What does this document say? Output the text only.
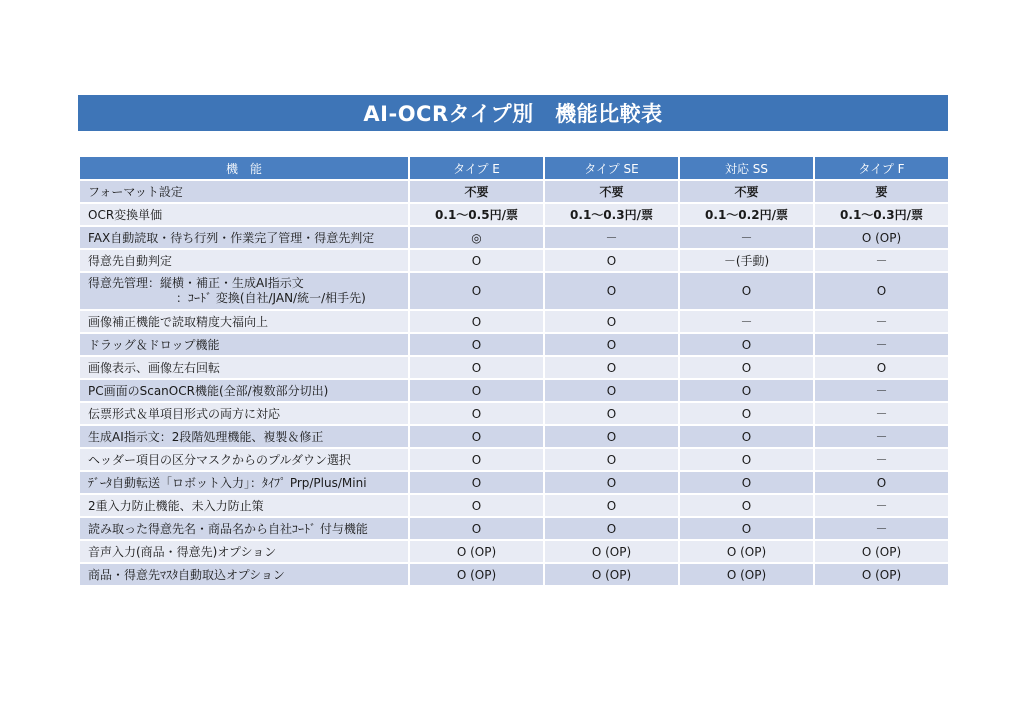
AI-OCRタイプ別　機能比較表
機　能	タイプ E	タイプ SE	対応 SS	タイプ F
フォーマット設定	不要	不要	不要	要
OCR変換単価	0.1～0.5円/票	0.1～0.3円/票	0.1～0.2円/票	0.1～0.3円/票
FAX自動読取・待ち行列・作業完了管理・得意先判定	◎	－	－	O (OP)
得意先自動判定	O	O	－(手動)	－
得意先管理：縦横・補正・生成AI指示文
：ｺｰﾄﾞ 変換(自社/JAN/統一/相手先)	O	O	O	O
画像補正機能で読取精度大福向上	O	O	－	－
ドラッグ＆ドロップ機能	O	O	O	－
画像表示、画像左右回転	O	O	O	O
PC画面のScanOCR機能(全部/複数部分切出)	O	O	O	－
伝票形式＆単項目形式の両方に対応	O	O	O	－
生成AI指示文：2段階処理機能、複製＆修正	O	O	O	－
ヘッダー項目の区分マスクからのプルダウン選択	O	O	O	－
ﾃﾞｰﾀ自動転送「ロボット入力」：ﾀｲﾌﾟ Prp/Plus/Mini	O	O	O	O
2重入力防止機能、未入力防止策	O	O	O	－
読み取った得意先名・商品名から自社ｺｰﾄﾞ 付与機能	O	O	O	－
音声入力(商品・得意先)オプション	O (OP)	O (OP)	O (OP)	O (OP)
商品・得意先ﾏｽﾀ自動取込オプション	O (OP)	O (OP)	O (OP)	O (OP)
